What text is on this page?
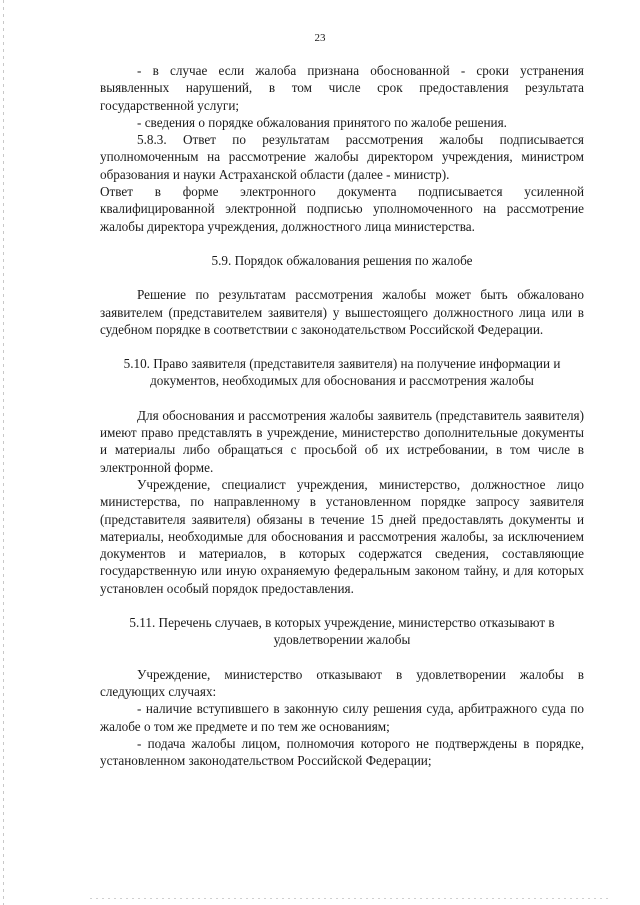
23

- в случае если жалоба признана обоснованной - сроки устранения выявленных нарушений, в том числе срок предоставления результата государственной услуги;

- сведения о порядке обжалования принятого по жалобе решения.

5.8.3. Ответ по результатам рассмотрения жалобы подписывается уполномоченным на рассмотрение жалобы директором учреждения, министром образования и науки Астраханской области (далее - министр).

Ответ в форме электронного документа подписывается усиленной квалифицированной электронной подписью уполномоченного на рассмотрение жалобы директора учреждения, должностного лица министерства.

5.9. Порядок обжалования решения по жалобе

Решение по результатам рассмотрения жалобы может быть обжаловано заявителем (представителем заявителя) у вышестоящего должностного лица или в судебном порядке в соответствии с законодательством Российской Федерации.

5.10. Право заявителя (представителя заявителя) на получение информации и документов, необходимых для обоснования и рассмотрения жалобы

Для обоснования и рассмотрения жалобы заявитель (представитель заявителя) имеют право представлять в учреждение, министерство дополнительные документы и материалы либо обращаться с просьбой об их истребовании, в том числе в электронной форме.

Учреждение, специалист учреждения, министерство, должностное лицо министерства, по направленному в установленном порядке запросу заявителя (представителя заявителя) обязаны в течение 15 дней предоставлять документы и материалы, необходимые для обоснования и рассмотрения жалобы, за исключением документов и материалов, в которых содержатся сведения, составляющие государственную или иную охраняемую федеральным законом тайну, и для которых установлен особый порядок предоставления.

5.11. Перечень случаев, в которых учреждение, министерство отказывают в удовлетворении жалобы

Учреждение, министерство отказывают в удовлетворении жалобы в следующих случаях:

- наличие вступившего в законную силу решения суда, арбитражного суда по жалобе о том же предмете и по тем же основаниям;

- подача жалобы лицом, полномочия которого не подтверждены в порядке, установленном законодательством Российской Федерации;
